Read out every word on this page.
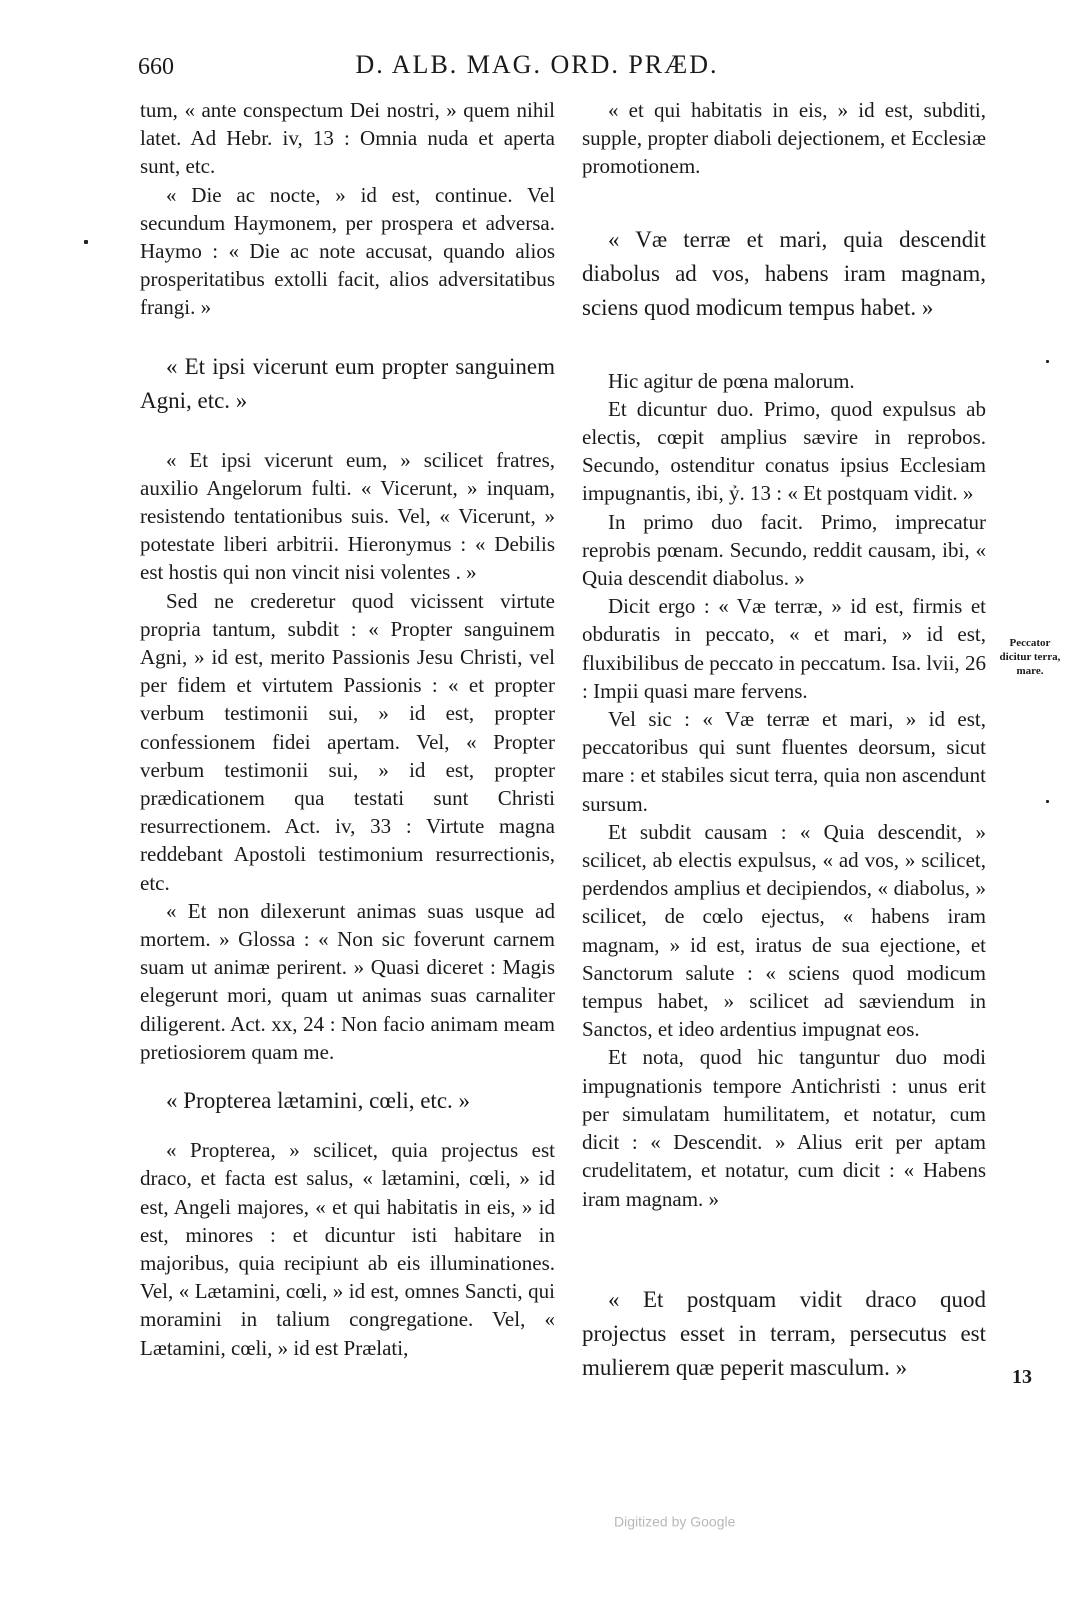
660	D. ALB. MAG. ORD. PRÆD.

tum, « ante conspectum Dei nostri, » quem nihil latet. Ad Hebr. iv, 13 : Omnia nuda et aperta sunt, etc.

« Die ac nocte, » id est, continue. Vel secundum Haymonem, per prospera et adversa. Haymo : « Die ac note accusat, quando alios prosperitatibus extolli facit, alios adversitatibus frangi. »

« Et ipsi vicerunt eum propter sanguinem Agni, etc. »

« Et ipsi vicerunt eum, » scilicet fratres, auxilio Angelorum fulti. « Vicerunt, » inquam, resistendo tentationibus suis. Vel, « Vicerunt, » potestate liberi arbitrii. Hieronymus : « Debilis est hostis qui non vincit nisi volentes . »

Sed ne crederetur quod vicissent virtute propria tantum, subdit : « Propter sanguinem Agni, » id est, merito Passionis Jesu Christi, vel per fidem et virtutem Passionis : « et propter verbum testimonii sui, » id est, propter confessionem fidei apertam. Vel, « Propter verbum testimonii sui, » id est, propter prædicationem qua testati sunt Christi resurrectionem. Act. iv, 33 : Virtute magna reddebant Apostoli testimonium resurrectionis, etc.

« Et non dilexerunt animas suas usque ad mortem. » Glossa : « Non sic foverunt carnem suam ut animæ perirent. » Quasi diceret : Magis elegerunt mori, quam ut animas suas carnaliter diligerent. Act. xx, 24 : Non facio animam meam pretiosiorem quam me.

« Propterea lætamini, cœli, etc. »

« Propterea, » scilicet, quia projectus est draco, et facta est salus, « lætamini, cœli, » id est, Angeli majores, « et qui habitatis in eis, » id est, minores : et dicuntur isti habitare in majoribus, quia recipiunt ab eis illuminationes. Vel, « Lætamini, cœli, » id est, omnes Sancti, qui moramini in talium congregatione. Vel, « Lætamini, cœli, » id est Prælati,

« et qui habitatis in eis, » id est, subditi, supple, propter diaboli dejectionem, et Ecclesiæ promotionem.

« Væ terræ et mari, quia descendit diabolus ad vos, habens iram magnam, sciens quod modicum tempus habet. »

Hic agitur de pœna malorum.

Et dicuntur duo. Primo, quod expulsus ab electis, cœpit amplius sævire in reprobos. Secundo, ostenditur conatus ipsius Ecclesiam impugnantis, ibi, ỷ. 13 : « Et postquam vidit. »

In primo duo facit. Primo, imprecatur reprobis pœnam. Secundo, reddit causam, ibi, « Quia descendit diabolus. »

Dicit ergo : « Væ terræ, » id est, firmis et obduratis in peccato, « et mari, » id est, fluxibilibus de peccato in peccatum. Isa. lvii, 26 : Impii quasi mare fervens.

Vel sic : « Væ terræ et mari, » id est, peccatoribus qui sunt fluentes deorsum, sicut mare : et stabiles sicut terra, quia non ascendunt sursum.

Et subdit causam : « Quia descendit, » scilicet, ab electis expulsus, « ad vos, » scilicet, perdendos amplius et decipiendos, « diabolus, » scilicet, de cœlo ejectus, « habens iram magnam, » id est, iratus de sua ejectione, et Sanctorum salute : « sciens quod modicum tempus habet, » scilicet ad sæviendum in Sanctos, et ideo ardentius impugnat eos.

Et nota, quod hic tanguntur duo modi impugnationis tempore Antichristi : unus erit per simulatam humilitatem, et notatur, cum dicit : « Descendit. » Alius erit per aptam crudelitatem, et notatur, cum dicit : « Habens iram magnam. »

« Et postquam vidit draco quod projectus esset in terram, persecutus est mulierem quæ peperit masculum. »

Peccator dicitur terra, mare.
13
Digitized by Google
